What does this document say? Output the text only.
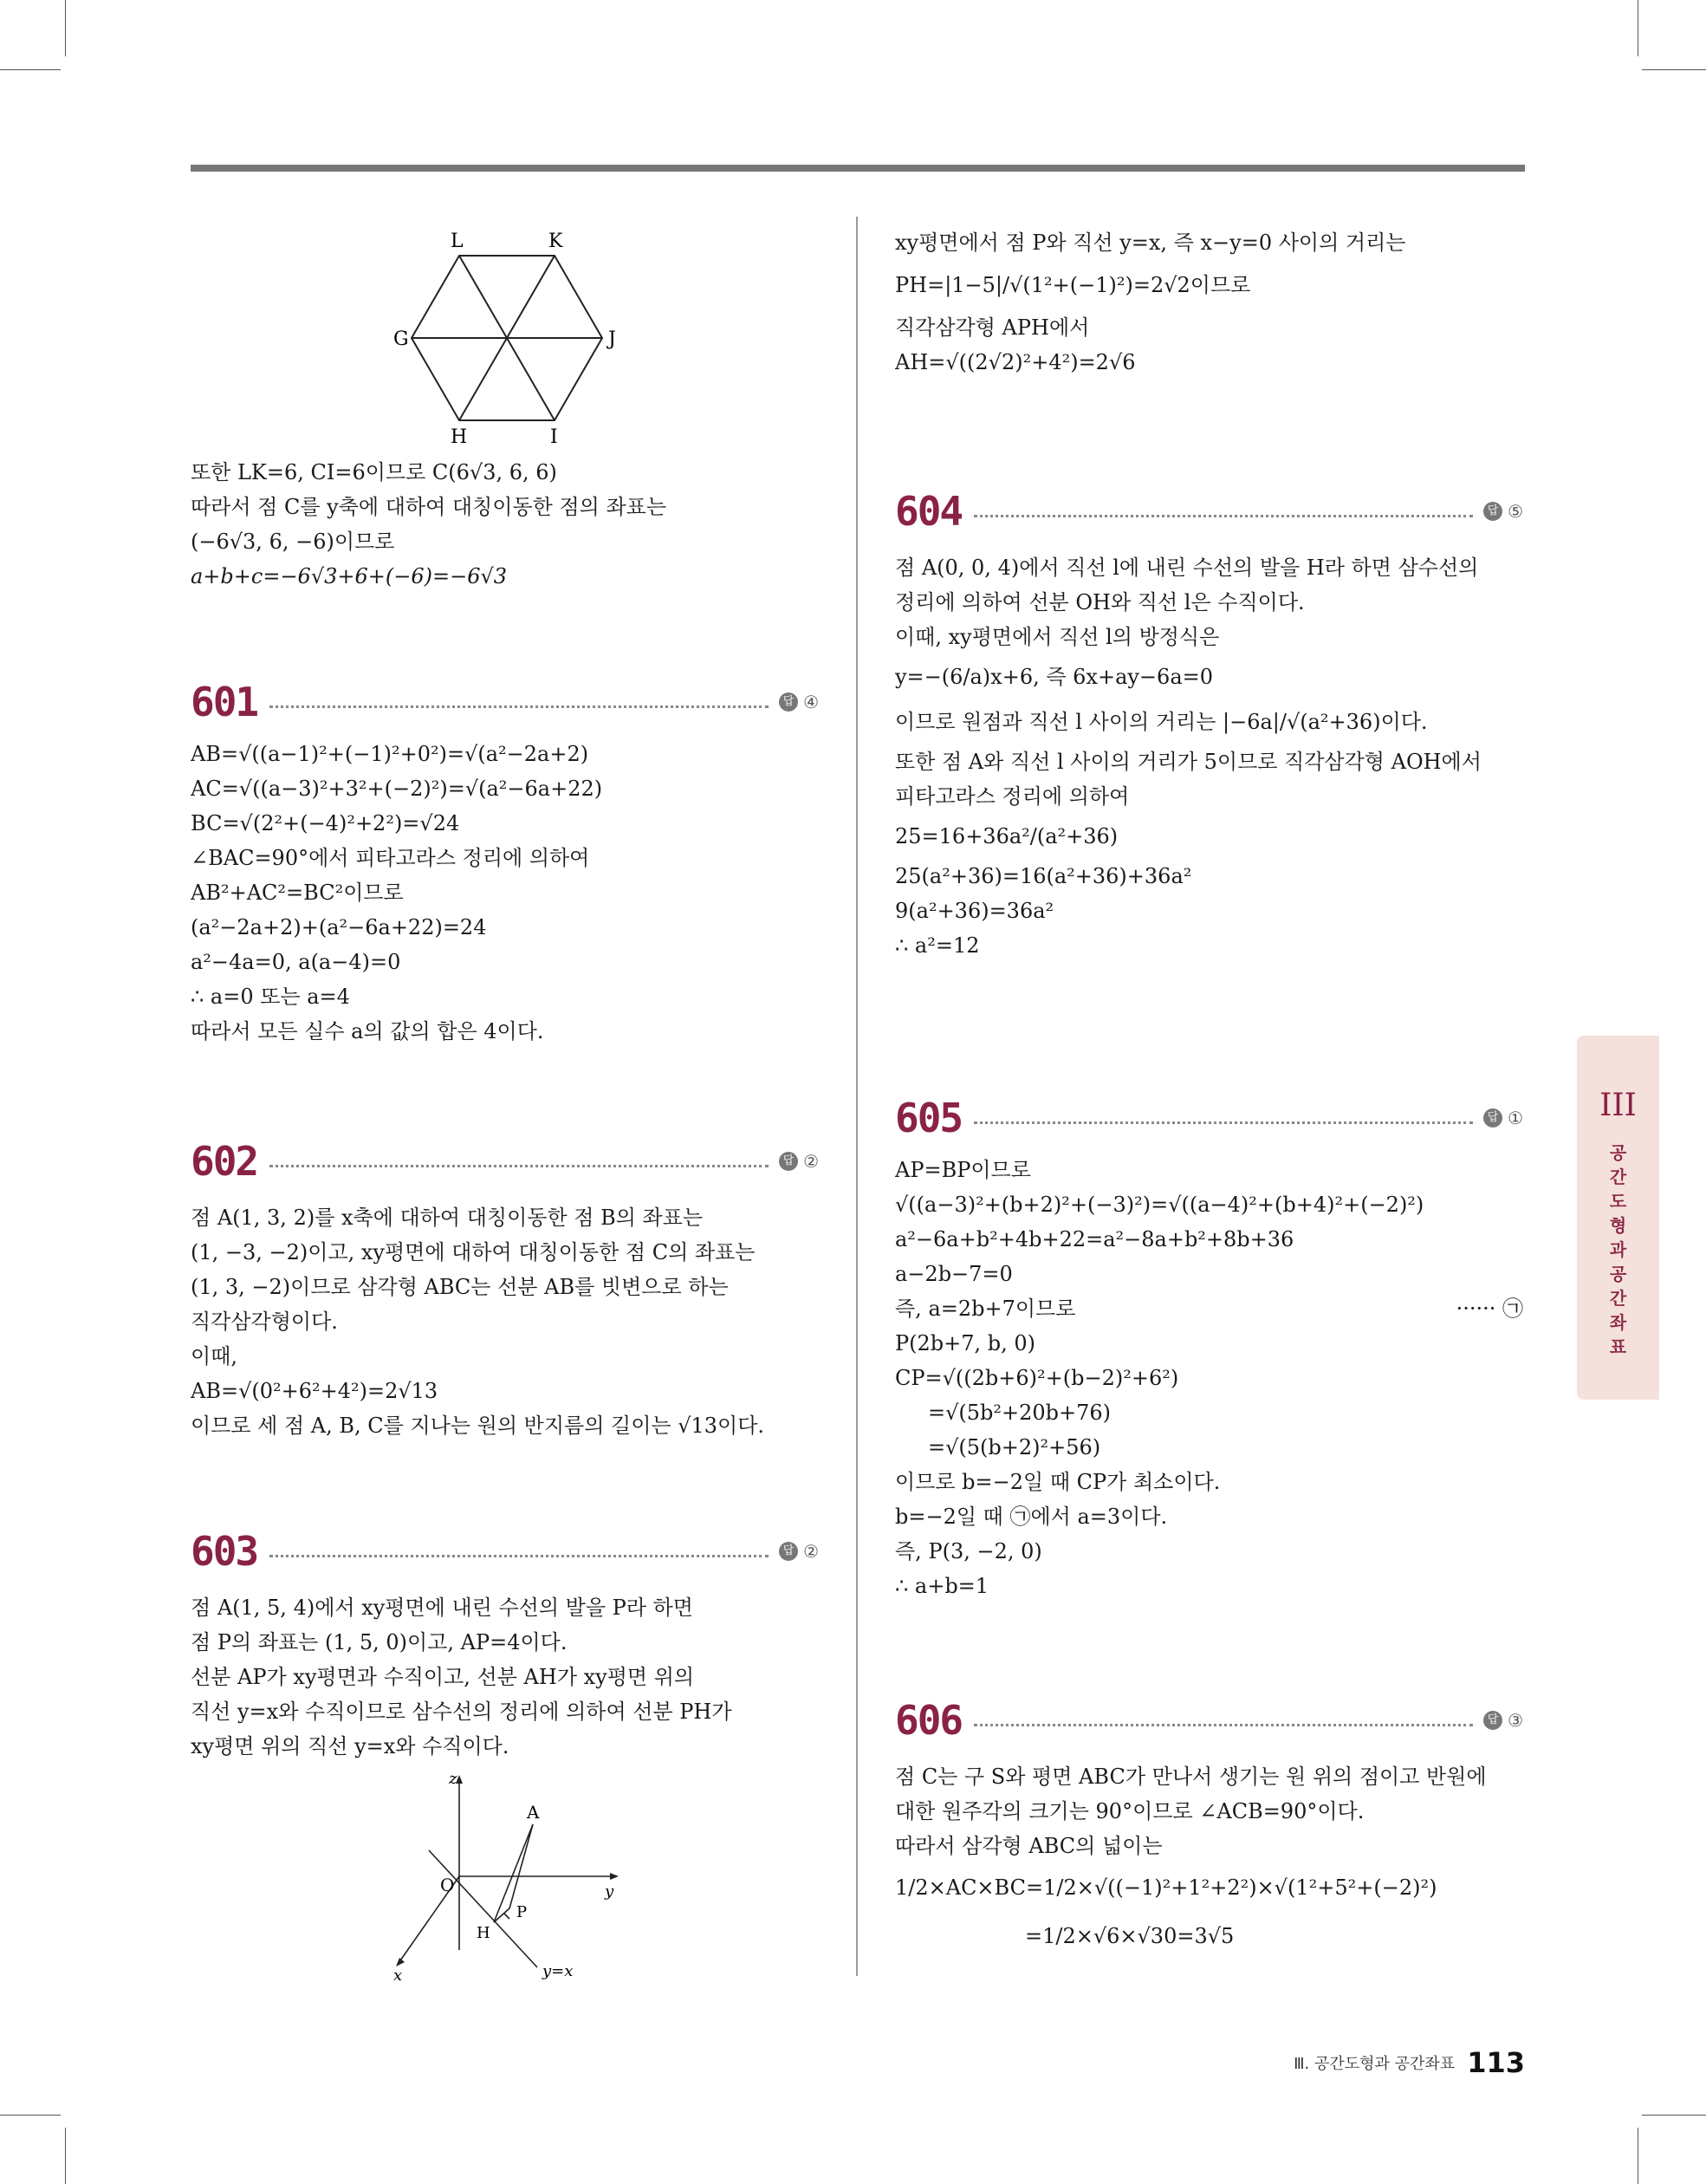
L	K
G	J
H	I
또한 LK=6, CI=6이므로 C(6√3, 6, 6)
따라서 점 C를 y축에 대하여 대칭이동한 점의 좌표는
(−6√3, 6, −6)이므로
a+b+c=−6√3+6+(−6)=−6√3
601	답 ④
AB=√((a−1)²+(−1)²+0²)=√(a²−2a+2)
AC=√((a−3)²+3²+(−2)²)=√(a²−6a+22)
BC=√(2²+(−4)²+2²)=√24
∠BAC=90°에서 피타고라스 정리에 의하여
AB²+AC²=BC²이므로
(a²−2a+2)+(a²−6a+22)=24
a²−4a=0, a(a−4)=0
∴ a=0 또는 a=4
따라서 모든 실수 a의 값의 합은 4이다.
602	답 ②
점 A(1, 3, 2)를 x축에 대하여 대칭이동한 점 B의 좌표는
(1, −3, −2)이고, xy평면에 대하여 대칭이동한 점 C의 좌표는
(1, 3, −2)이므로 삼각형 ABC는 선분 AB를 빗변으로 하는
직각삼각형이다.
이때,
AB=√(0²+6²+4²)=2√13
이므로 세 점 A, B, C를 지나는 원의 반지름의 길이는 √13이다.
603	답 ②
점 A(1, 5, 4)에서 xy평면에 내린 수선의 발을 P라 하면
점 P의 좌표는 (1, 5, 0)이고, AP=4이다.
선분 AP가 xy평면과 수직이고, 선분 AH가 xy평면 위의
직선 y=x와 수직이므로 삼수선의 정리에 의하여 선분 PH가
xy평면 위의 직선 y=x와 수직이다.
z
A
O	y
P
H
x	y=x
xy평면에서 점 P와 직선 y=x, 즉 x−y=0 사이의 거리는
PH=|1−5|/√(1²+(−1)²)=2√2이므로
직각삼각형 APH에서
AH=√((2√2)²+4²)=2√6
604	답 ⑤
점 A(0, 0, 4)에서 직선 l에 내린 수선의 발을 H라 하면 삼수선의
정리에 의하여 선분 OH와 직선 l은 수직이다.
이때, xy평면에서 직선 l의 방정식은
y=−(6/a)x+6, 즉 6x+ay−6a=0
이므로 원점과 직선 l 사이의 거리는 |−6a|/√(a²+36)이다.
또한 점 A와 직선 l 사이의 거리가 5이므로 직각삼각형 AOH에서
피타고라스 정리에 의하여
25=16+36a²/(a²+36)
25(a²+36)=16(a²+36)+36a²
9(a²+36)=36a²
∴ a²=12
605	답 ①
AP=BP이므로
√((a−3)²+(b+2)²+(−3)²)=√((a−4)²+(b+4)²+(−2)²)
a²−6a+b²+4b+22=a²−8a+b²+8b+36
a−2b−7=0
즉, a=2b+7이므로	······ ㉠
P(2b+7, b, 0)
CP=√((2b+6)²+(b−2)²+6²)
=√(5b²+20b+76)
=√(5(b+2)²+56)
이므로 b=−2일 때 CP가 최소이다.
b=−2일 때 ㉠에서 a=3이다.
즉, P(3, −2, 0)
∴ a+b=1
606	답 ③
점 C는 구 S와 평면 ABC가 만나서 생기는 원 위의 점이고 반원에
대한 원주각의 크기는 90°이므로 ∠ACB=90°이다.
따라서 삼각형 ABC의 넓이는
1/2×AC×BC=1/2×√((−1)²+1²+2²)×√(1²+5²+(−2)²)
=1/2×√6×√30=3√5
III
공간도형과 공간좌표
Ⅲ. 공간도형과 공간좌표 113
